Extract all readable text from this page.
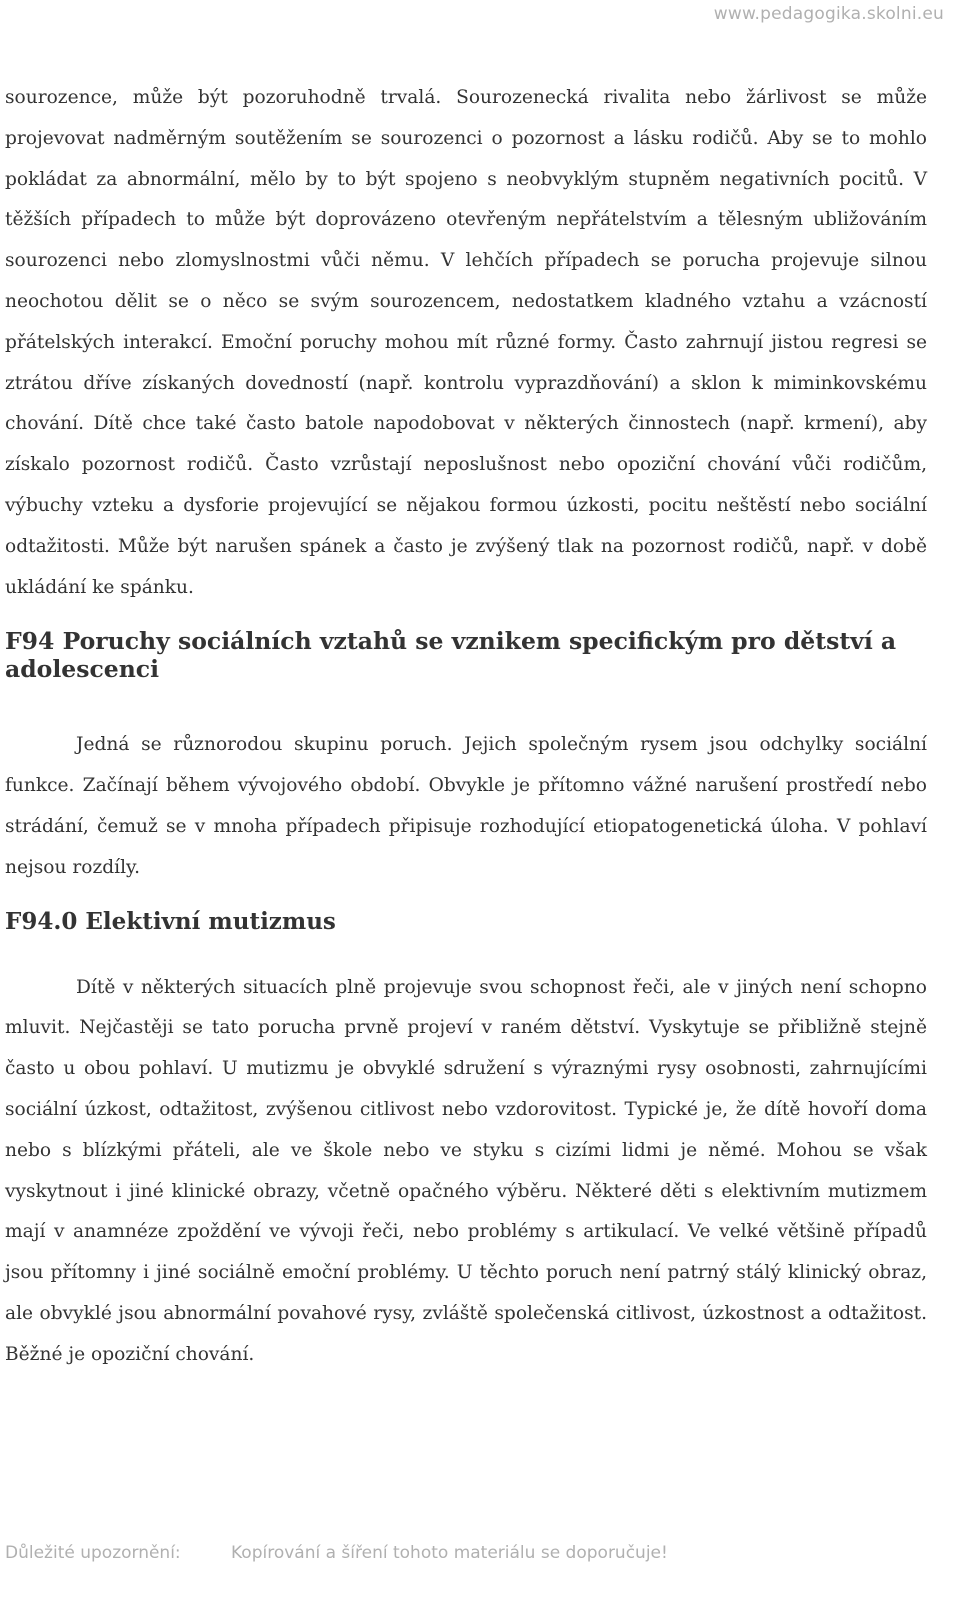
www.pedagogika.skolni.eu

sourozence, může být pozoruhodně trvalá. Sourozenecká rivalita nebo žárlivost se může projevovat nadměrným soutěžením se sourozenci o pozornost a lásku rodičů. Aby se to mohlo pokládat za abnormální, mělo by to být spojeno s neobvyklým stupněm negativních pocitů. V těžších případech to může být doprovázeno otevřeným nepřátelstvím a tělesným ubližováním sourozenci nebo zlomyslnostmi vůči němu. V lehčích případech se porucha projevuje silnou neochotou dělit se o něco se svým sourozencem, nedostatkem kladného vztahu a vzácností přátelských interakcí. Emoční poruchy mohou mít různé formy. Často zahrnují jistou regresi se ztrátou dříve získaných dovedností (např. kontrolu vyprazdňování) a sklon k miminkovskému chování. Dítě chce také často batole napodobovat v některých činnostech (např. krmení), aby získalo pozornost rodičů. Často vzrůstají neposlušnost nebo opoziční chování vůči rodičům, výbuchy vzteku a dysforie projevující se nějakou formou úzkosti, pocitu neštěstí nebo sociální odtažitosti. Může být narušen spánek a často je zvýšený tlak na pozornost rodičů, např. v době ukládání ke spánku.

F94 Poruchy sociálních vztahů se vznikem specifickým pro dětství a adolescenci

Jedná se různorodou skupinu poruch. Jejich společným rysem jsou odchylky sociální funkce. Začínají během vývojového období. Obvykle je přítomno vážné narušení prostředí nebo strádání, čemuž se v mnoha případech připisuje rozhodující etiopatogenetická úloha. V pohlaví nejsou rozdíly.

F94.0 Elektivní mutizmus

Dítě v některých situacích plně projevuje svou schopnost řeči, ale v jiných není schopno mluvit. Nejčastěji se tato porucha prvně projeví v raném dětství. Vyskytuje se přibližně stejně často u obou pohlaví. U mutizmu je obvyklé sdružení s výraznými rysy osobnosti, zahrnujícími sociální úzkost, odtažitost, zvýšenou citlivost nebo vzdorovitost. Typické je, že dítě hovoří doma nebo s blízkými přáteli, ale ve škole nebo ve styku s cizími lidmi je němé. Mohou se však vyskytnout i jiné klinické obrazy, včetně opačného výběru. Některé děti s elektivním mutizmem mají v anamnéze zpoždění ve vývoji řeči, nebo problémy s artikulací. Ve velké většině případů jsou přítomny i jiné sociálně emoční problémy. U těchto poruch není patrný stálý klinický obraz, ale obvyklé jsou abnormální povahové rysy, zvláště společenská citlivost, úzkostnost a odtažitost. Běžné je opoziční chování.

Důležité upozornění:	Kopírování a šíření tohoto materiálu se doporučuje!
